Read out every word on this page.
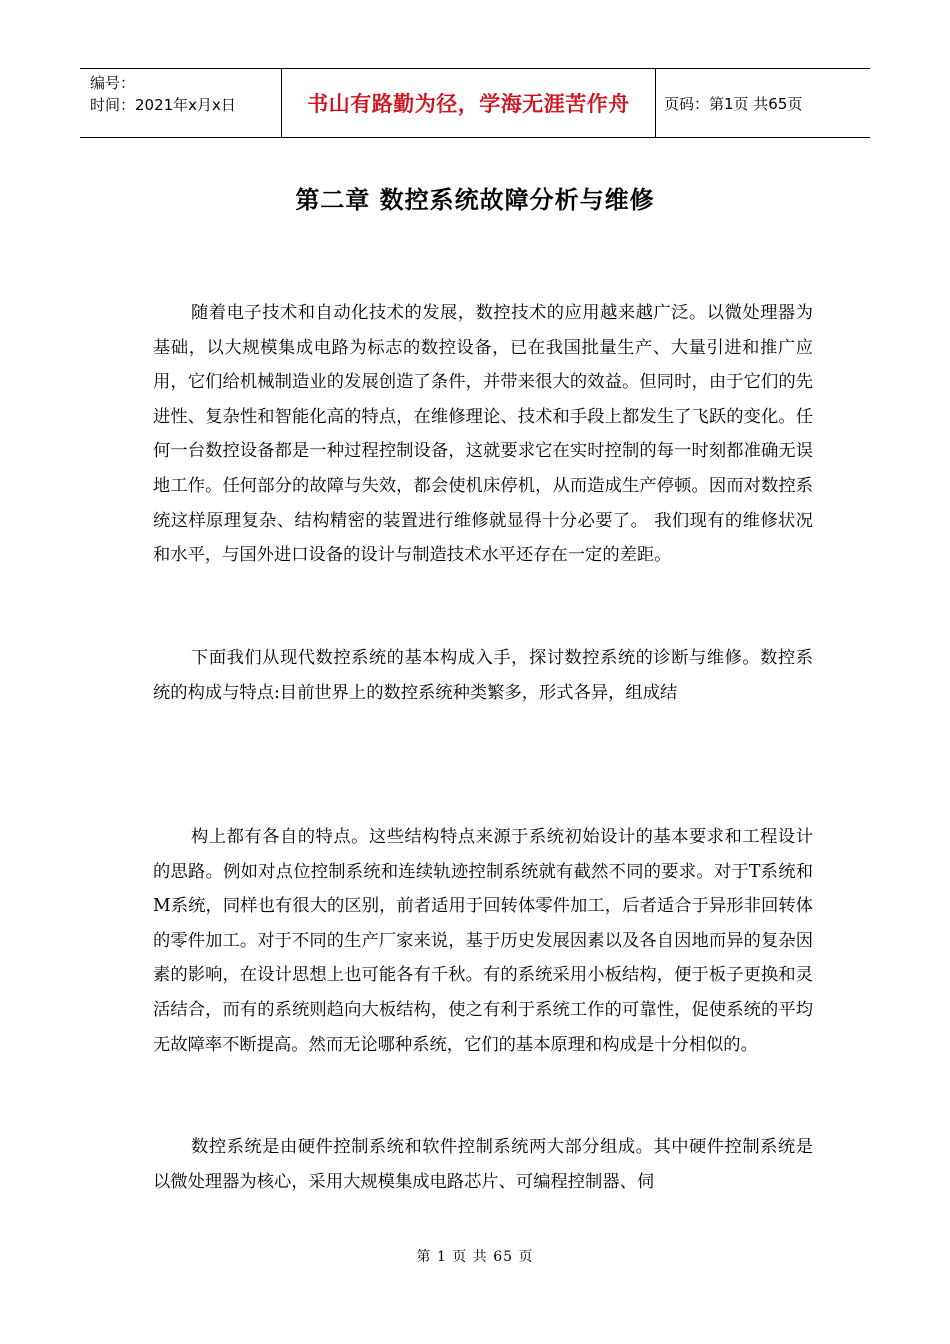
编号：
时间：2021年x月x日	书山有路勤为径，学海无涯苦作舟	页码：第1页 共65页
第二章 数控系统故障分析与维修

随着电子技术和自动化技术的发展，数控技术的应用越来越广泛。以微处理器为基础，以大规模集成电路为标志的数控设备，已在我国批量生产、大量引进和推广应用，它们给机械制造业的发展创造了条件，并带来很大的效益。但同时，由于它们的先进性、复杂性和智能化高的特点，在维修理论、技术和手段上都发生了飞跃的变化。任何一台数控设备都是一种过程控制设备，这就要求它在实时控制的每一时刻都准确无误地工作。任何部分的故障与失效，都会使机床停机，从而造成生产停顿。因而对数控系统这样原理复杂、结构精密的装置进行维修就显得十分必要了。 我们现有的维修状况和水平，与国外进口设备的设计与制造技术水平还存在一定的差距。

下面我们从现代数控系统的基本构成入手，探讨数控系统的诊断与维修。数控系统的构成与特点:目前世界上的数控系统种类繁多，形式各异，组成结

构上都有各自的特点。这些结构特点来源于系统初始设计的基本要求和工程设计的思路。例如对点位控制系统和连续轨迹控制系统就有截然不同的要求。对于T系统和M系统，同样也有很大的区别，前者适用于回转体零件加工，后者适合于异形非回转体的零件加工。对于不同的生产厂家来说，基于历史发展因素以及各自因地而异的复杂因素的影响，在设计思想上也可能各有千秋。有的系统采用小板结构，便于板子更换和灵活结合，而有的系统则趋向大板结构，使之有利于系统工作的可靠性，促使系统的平均无故障率不断提高。然而无论哪种系统，它们的基本原理和构成是十分相似的。

数控系统是由硬件控制系统和软件控制系统两大部分组成。其中硬件控制系统是以微处理器为核心，采用大规模集成电路芯片、可编程控制器、伺

第 1 页 共 65 页
